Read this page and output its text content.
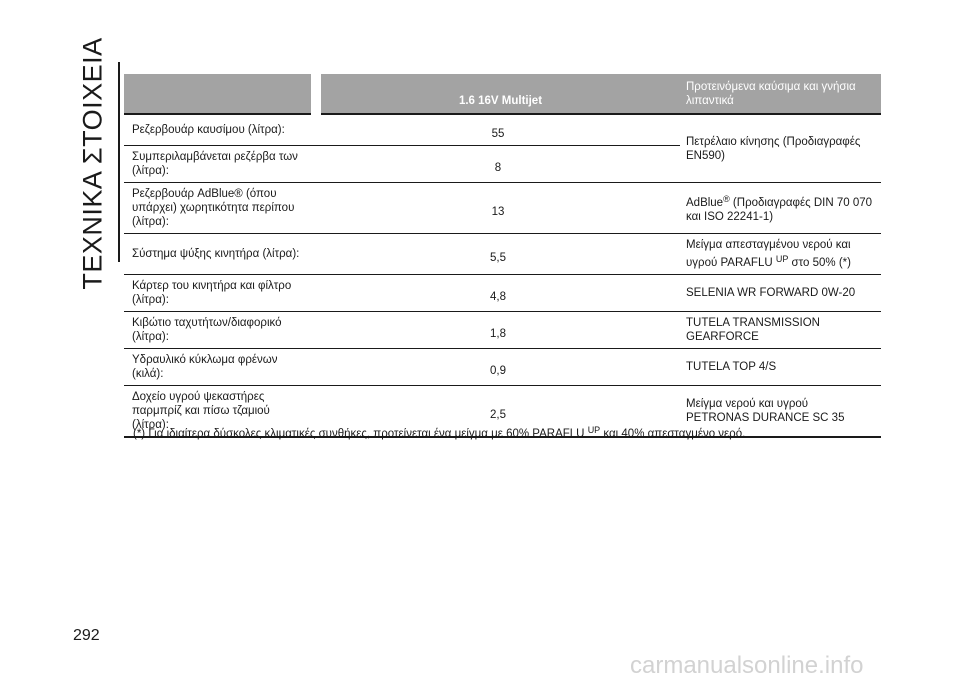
ΤΕΧΝΙΚΑ ΣΤΟΙΧΕΙΑ
		1.6 16V Multijet	Προτεινόμενα καύσιμα και γνήσια λιπαντικά
Ρεζερβουάρ καυσίμου (λίτρα):	55	Πετρέλαιο κίνησης (Προδιαγραφές EN590)
Συμπεριλαμβάνεται ρεζέρβα των (λίτρα):	8	
Ρεζερβουάρ AdBlue® (όπου υπάρχει) χωρητικότητα περίπου (λίτρα):	13	AdBlue® (Προδιαγραφές DIN 70 070 και ISO 22241-1)
Σύστημα ψύξης κινητήρα (λίτρα):	5,5	Μείγμα απεσταγμένου νερού και υγρού PARAFLU $^{UP}$ στο 50% (*)
Κάρτερ του κινητήρα και φίλτρο (λίτρα):	4,8	SELENIA WR FORWARD 0W-20
Κιβώτιο ταχυτήτων/διαφορικό (λίτρα):	1,8	TUTELA TRANSMISSION GEARFORCE
Υδραυλικό κύκλωμα φρένων (κιλά):	0,9	TUTELA TOP 4/S
Δοχείο υγρού ψεκαστήρες παρμπρίζ και πίσω τζαμιού (λίτρα):	2,5	Μείγμα νερού και υγρού PETRONAS DURANCE SC 35
(*) Για ιδιαίτερα δύσκολες κλιματικές συνθήκες, προτείνεται ένα μείγμα με 60% PARAFLU $^{UP}$ και 40% απεσταγμένο νερό.
292
carmanualsonline.info
